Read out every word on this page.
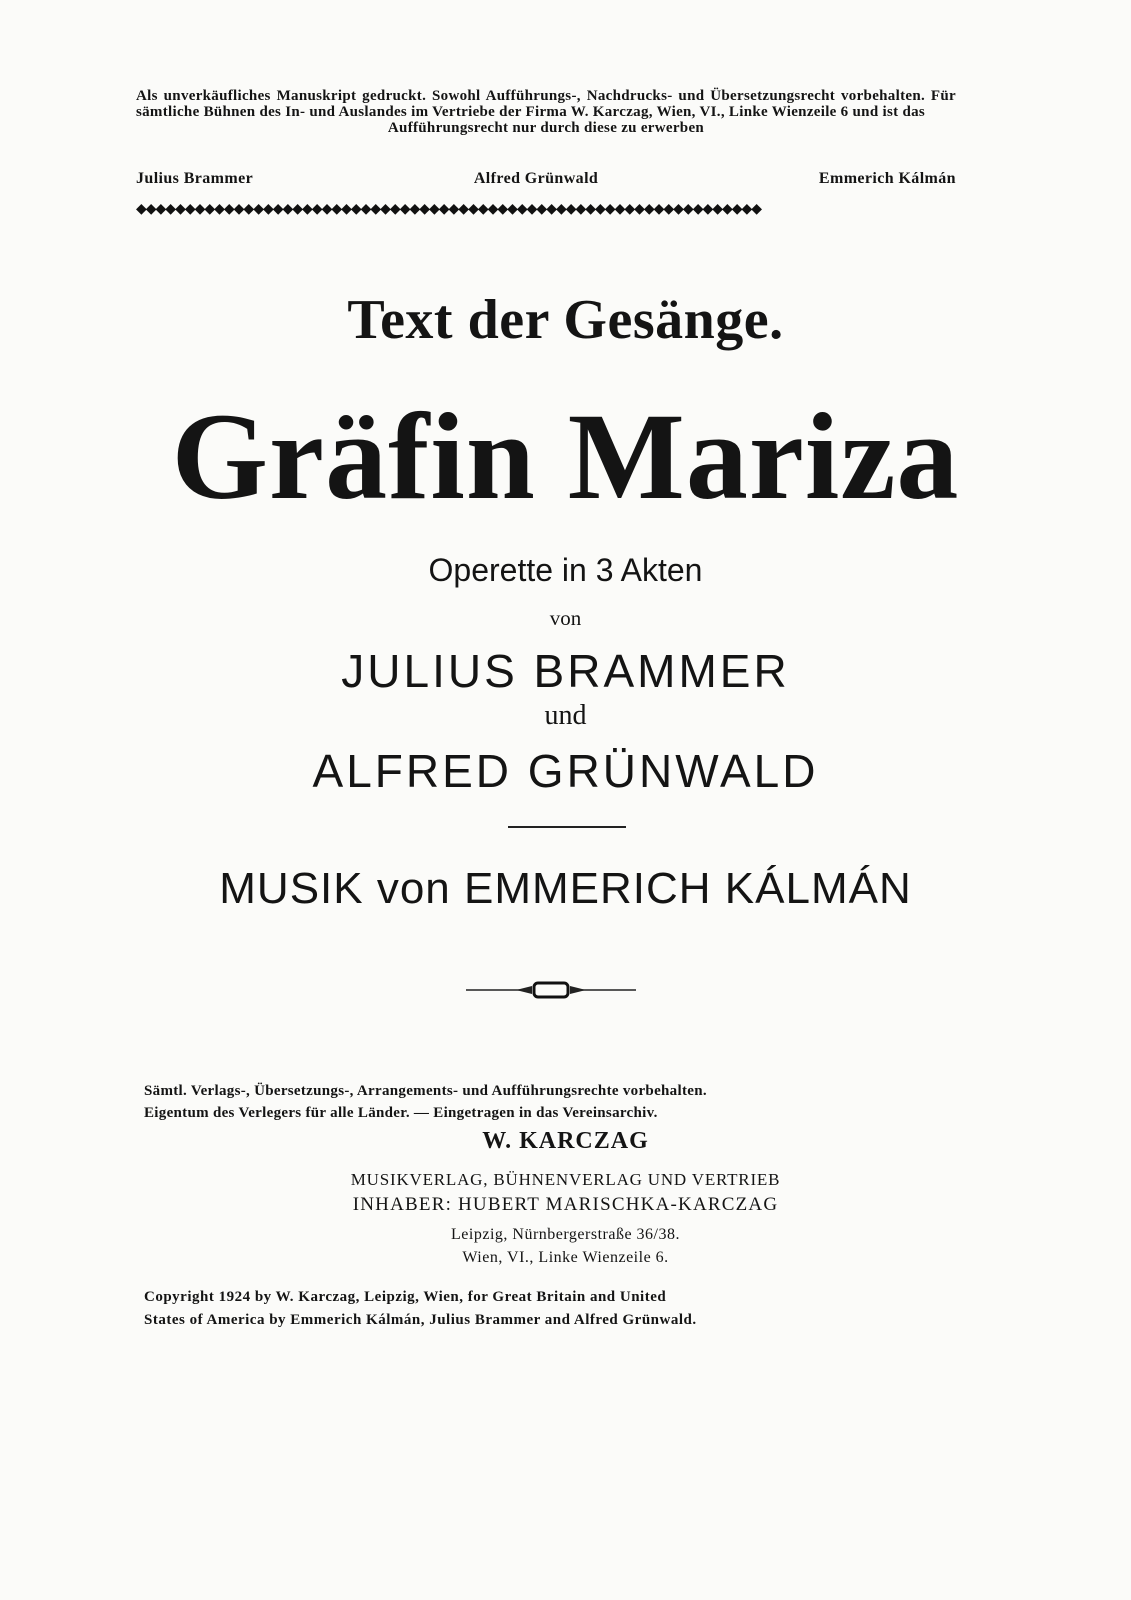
Als unverkäufliches Manuskript gedruckt. Sowohl Aufführungs-, Nachdrucks- und Übersetzungsrecht vorbehalten. Für sämtliche Bühnen des In- und Auslandes im Vertriebe der Firma W. Karczag, Wien, VI., Linke Wienzeile 6 und ist das
Aufführungsrecht nur durch diese zu erwerben
Julius Brammer	Alfred Grünwald	Emmerich Kálmán
◆◆◆◆◆◆◆◆◆◆◆◆◆◆◆◆◆◆◆◆◆◆◆◆◆◆◆◆◆◆◆◆◆◆◆◆◆◆◆◆◆◆◆◆◆◆◆◆◆◆◆◆◆◆◆◆◆◆◆◆◆◆◆◆
Text der Gesänge.
Gräfin Mariza
Operette in 3 Akten
von
JULIUS BRAMMER
und
ALFRED GRÜNWALD
MUSIK von EMMERICH KÁLMÁN
Sämtl. Verlags-, Übersetzungs-, Arrangements- und Aufführungsrechte vorbehalten.
Eigentum des Verlegers für alle Länder. — Eingetragen in das Vereinsarchiv.
W. KARCZAG
MUSIKVERLAG, BÜHNENVERLAG UND VERTRIEB
INHABER: HUBERT MARISCHKA-KARCZAG
Leipzig, Nürnbergerstraße 36/38.
Wien, VI., Linke Wienzeile 6.
Copyright 1924 by W. Karczag, Leipzig, Wien, for Great Britain and United
States of America by Emmerich Kálmán, Julius Brammer and Alfred Grünwald.
